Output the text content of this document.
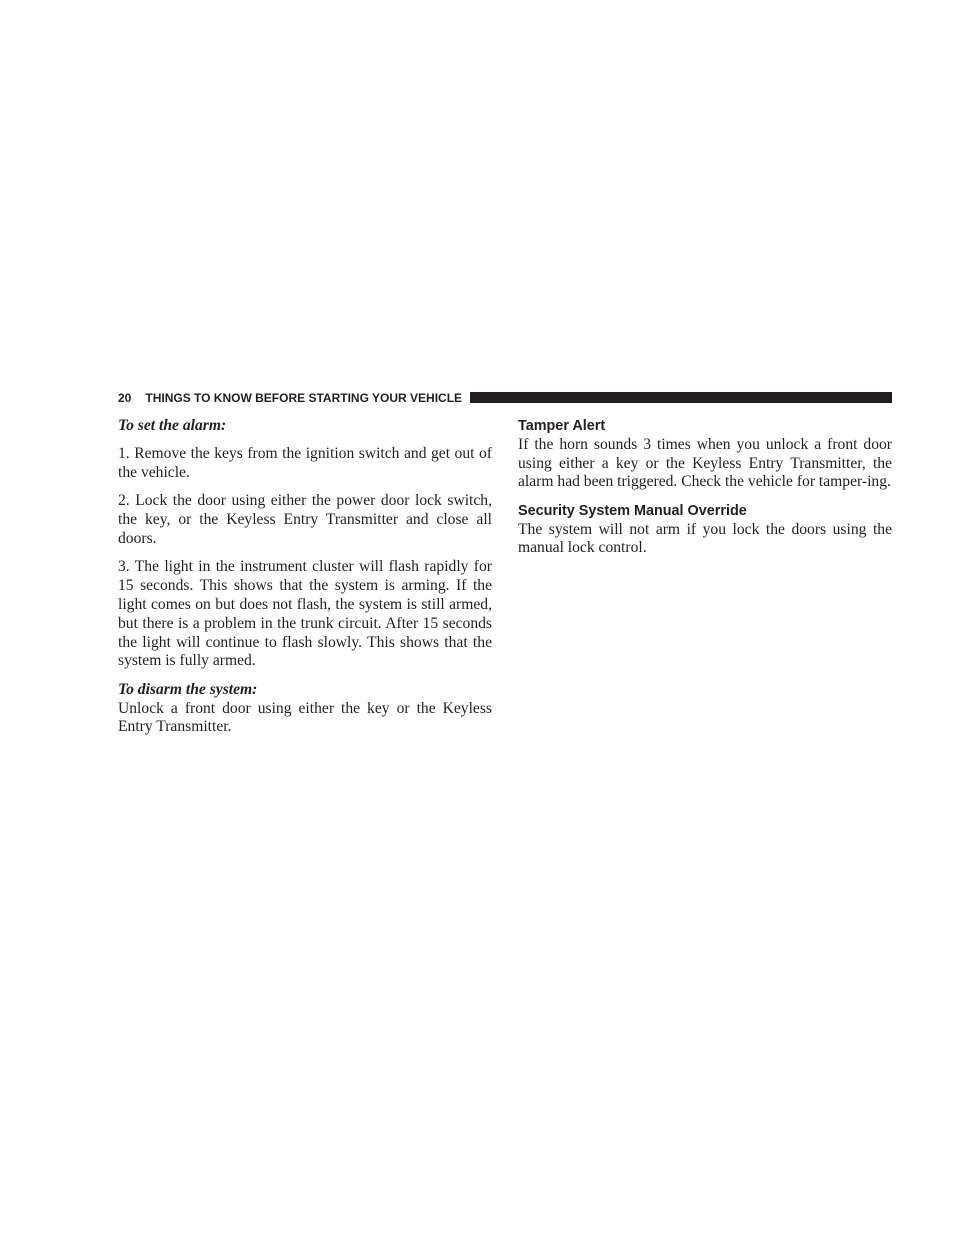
20 THINGS TO KNOW BEFORE STARTING YOUR VEHICLE
To set the alarm:

1. Remove the keys from the ignition switch and get out of the vehicle.

2. Lock the door using either the power door lock switch, the key, or the Keyless Entry Transmitter and close all doors.

3. The light in the instrument cluster will flash rapidly for 15 seconds. This shows that the system is arming. If the light comes on but does not flash, the system is still armed, but there is a problem in the trunk circuit. After 15 seconds the light will continue to flash slowly. This shows that the system is fully armed.

To disarm the system:

Unlock a front door using either the key or the Keyless Entry Transmitter.

Tamper Alert

If the horn sounds 3 times when you unlock a front door using either a key or the Keyless Entry Transmitter, the alarm had been triggered. Check the vehicle for tamper-ing.

Security System Manual Override

The system will not arm if you lock the doors using the manual lock control.
